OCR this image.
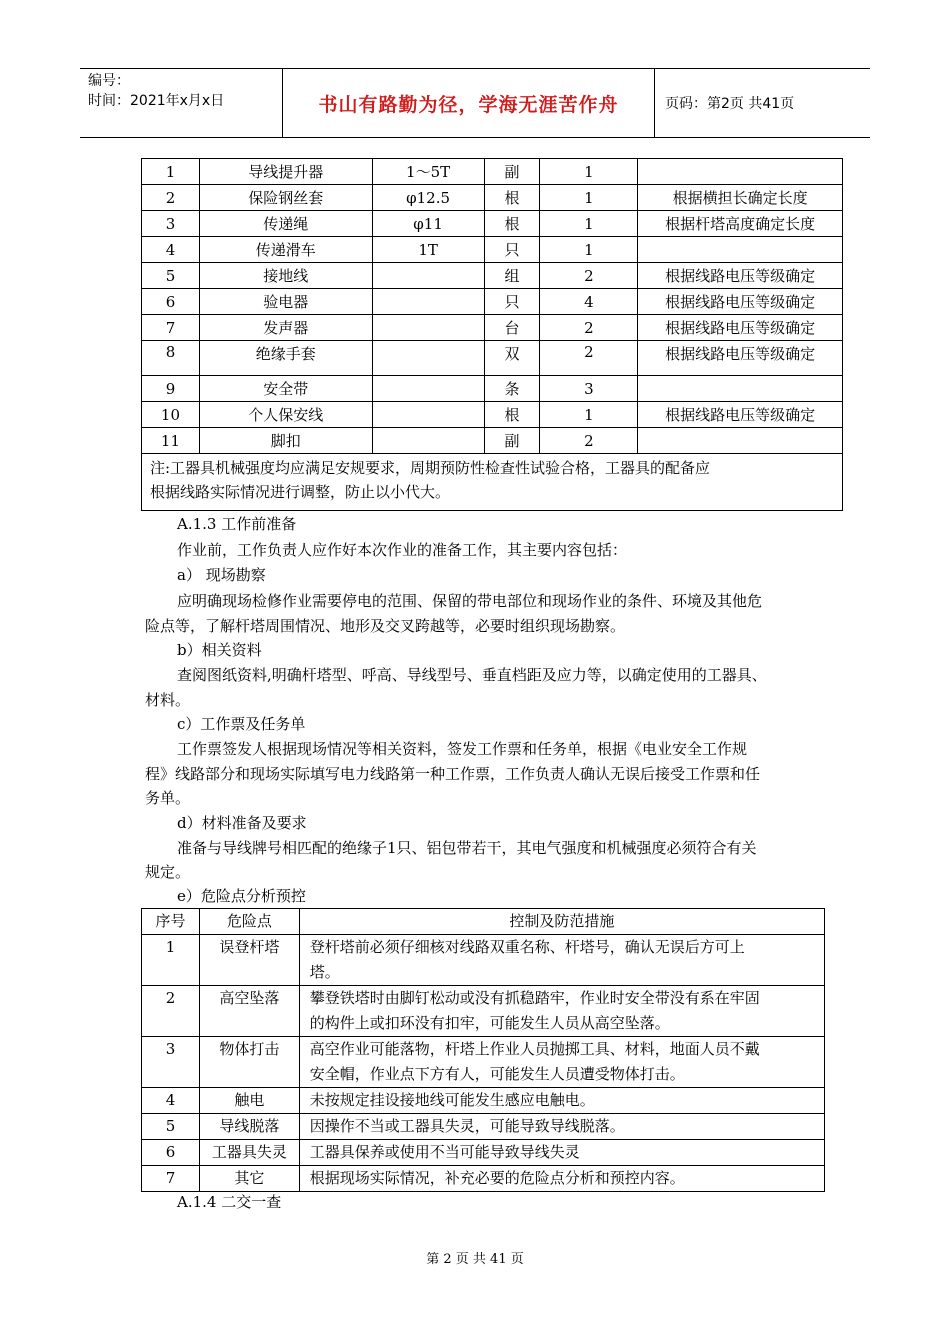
编号：
时间：2021年x月x日	书山有路勤为径，学海无涯苦作舟	页码：第2页 共41页
1	导线提升器	1～5T	副	1	
2	保险钢丝套	φ12.5	根	1	根据横担长确定长度
3	传递绳	φ11	根	1	根据杆塔高度确定长度
4	传递滑车	1T	只	1	
5	接地线		组	2	根据线路电压等级确定
6	验电器		只	4	根据线路电压等级确定
7	发声器		台	2	根据线路电压等级确定
8	绝缘手套		双	2	根据线路电压等级确定
9	安全带		条	3	
10	个人保安线		根	1	根据线路电压等级确定
11	脚扣		副	2	

注:工器具机械强度均应满足安规要求，周期预防性检查性试验合格，工器具的配备应
根据线路实际情况进行调整，防止以小代大。					
A.1.3 工作前准备
作业前，工作负责人应作好本次作业的准备工作，其主要内容包括：
a） 现场勘察
应明确现场检修作业需要停电的范围、保留的带电部位和现场作业的条件、环境及其他危
险点等，了解杆塔周围情况、地形及交叉跨越等，必要时组织现场勘察。
b）相关资料
查阅图纸资料,明确杆塔型、呼高、导线型号、垂直档距及应力等，以确定使用的工器具、
材料。
c）工作票及任务单
工作票签发人根据现场情况等相关资料，签发工作票和任务单，根据《电业安全工作规
程》线路部分和现场实际填写电力线路第一种工作票，工作负责人确认无误后接受工作票和任
务单。
d）材料准备及要求
准备与导线牌号相匹配的绝缘子1只、铝包带若干，其电气强度和机械强度必须符合有关
规定。
e）危险点分析预控
序号	危险点	控制及防范措施
1	误登杆塔	登杆塔前必须仔细核对线路双重名称、杆塔号，确认无误后方可上
塔。

2	高空坠落	攀登铁塔时由脚钉松动或没有抓稳踏牢，作业时安全带没有系在牢固
的构件上或扣环没有扣牢，可能发生人员从高空坠落。

3	物体打击	高空作业可能落物，杆塔上作业人员抛掷工具、材料，地面人员不戴
安全帽，作业点下方有人，可能发生人员遭受物体打击。

4	触电	未按规定挂设接地线可能发生感应电触电。

5	导线脱落	因操作不当或工器具失灵，可能导致导线脱落。

6	工器具失灵	工器具保养或使用不当可能导致导线失灵

7	其它	根据现场实际情况，补充必要的危险点分析和预控内容。
A.1.4 二交一查
第 2 页 共 41 页
